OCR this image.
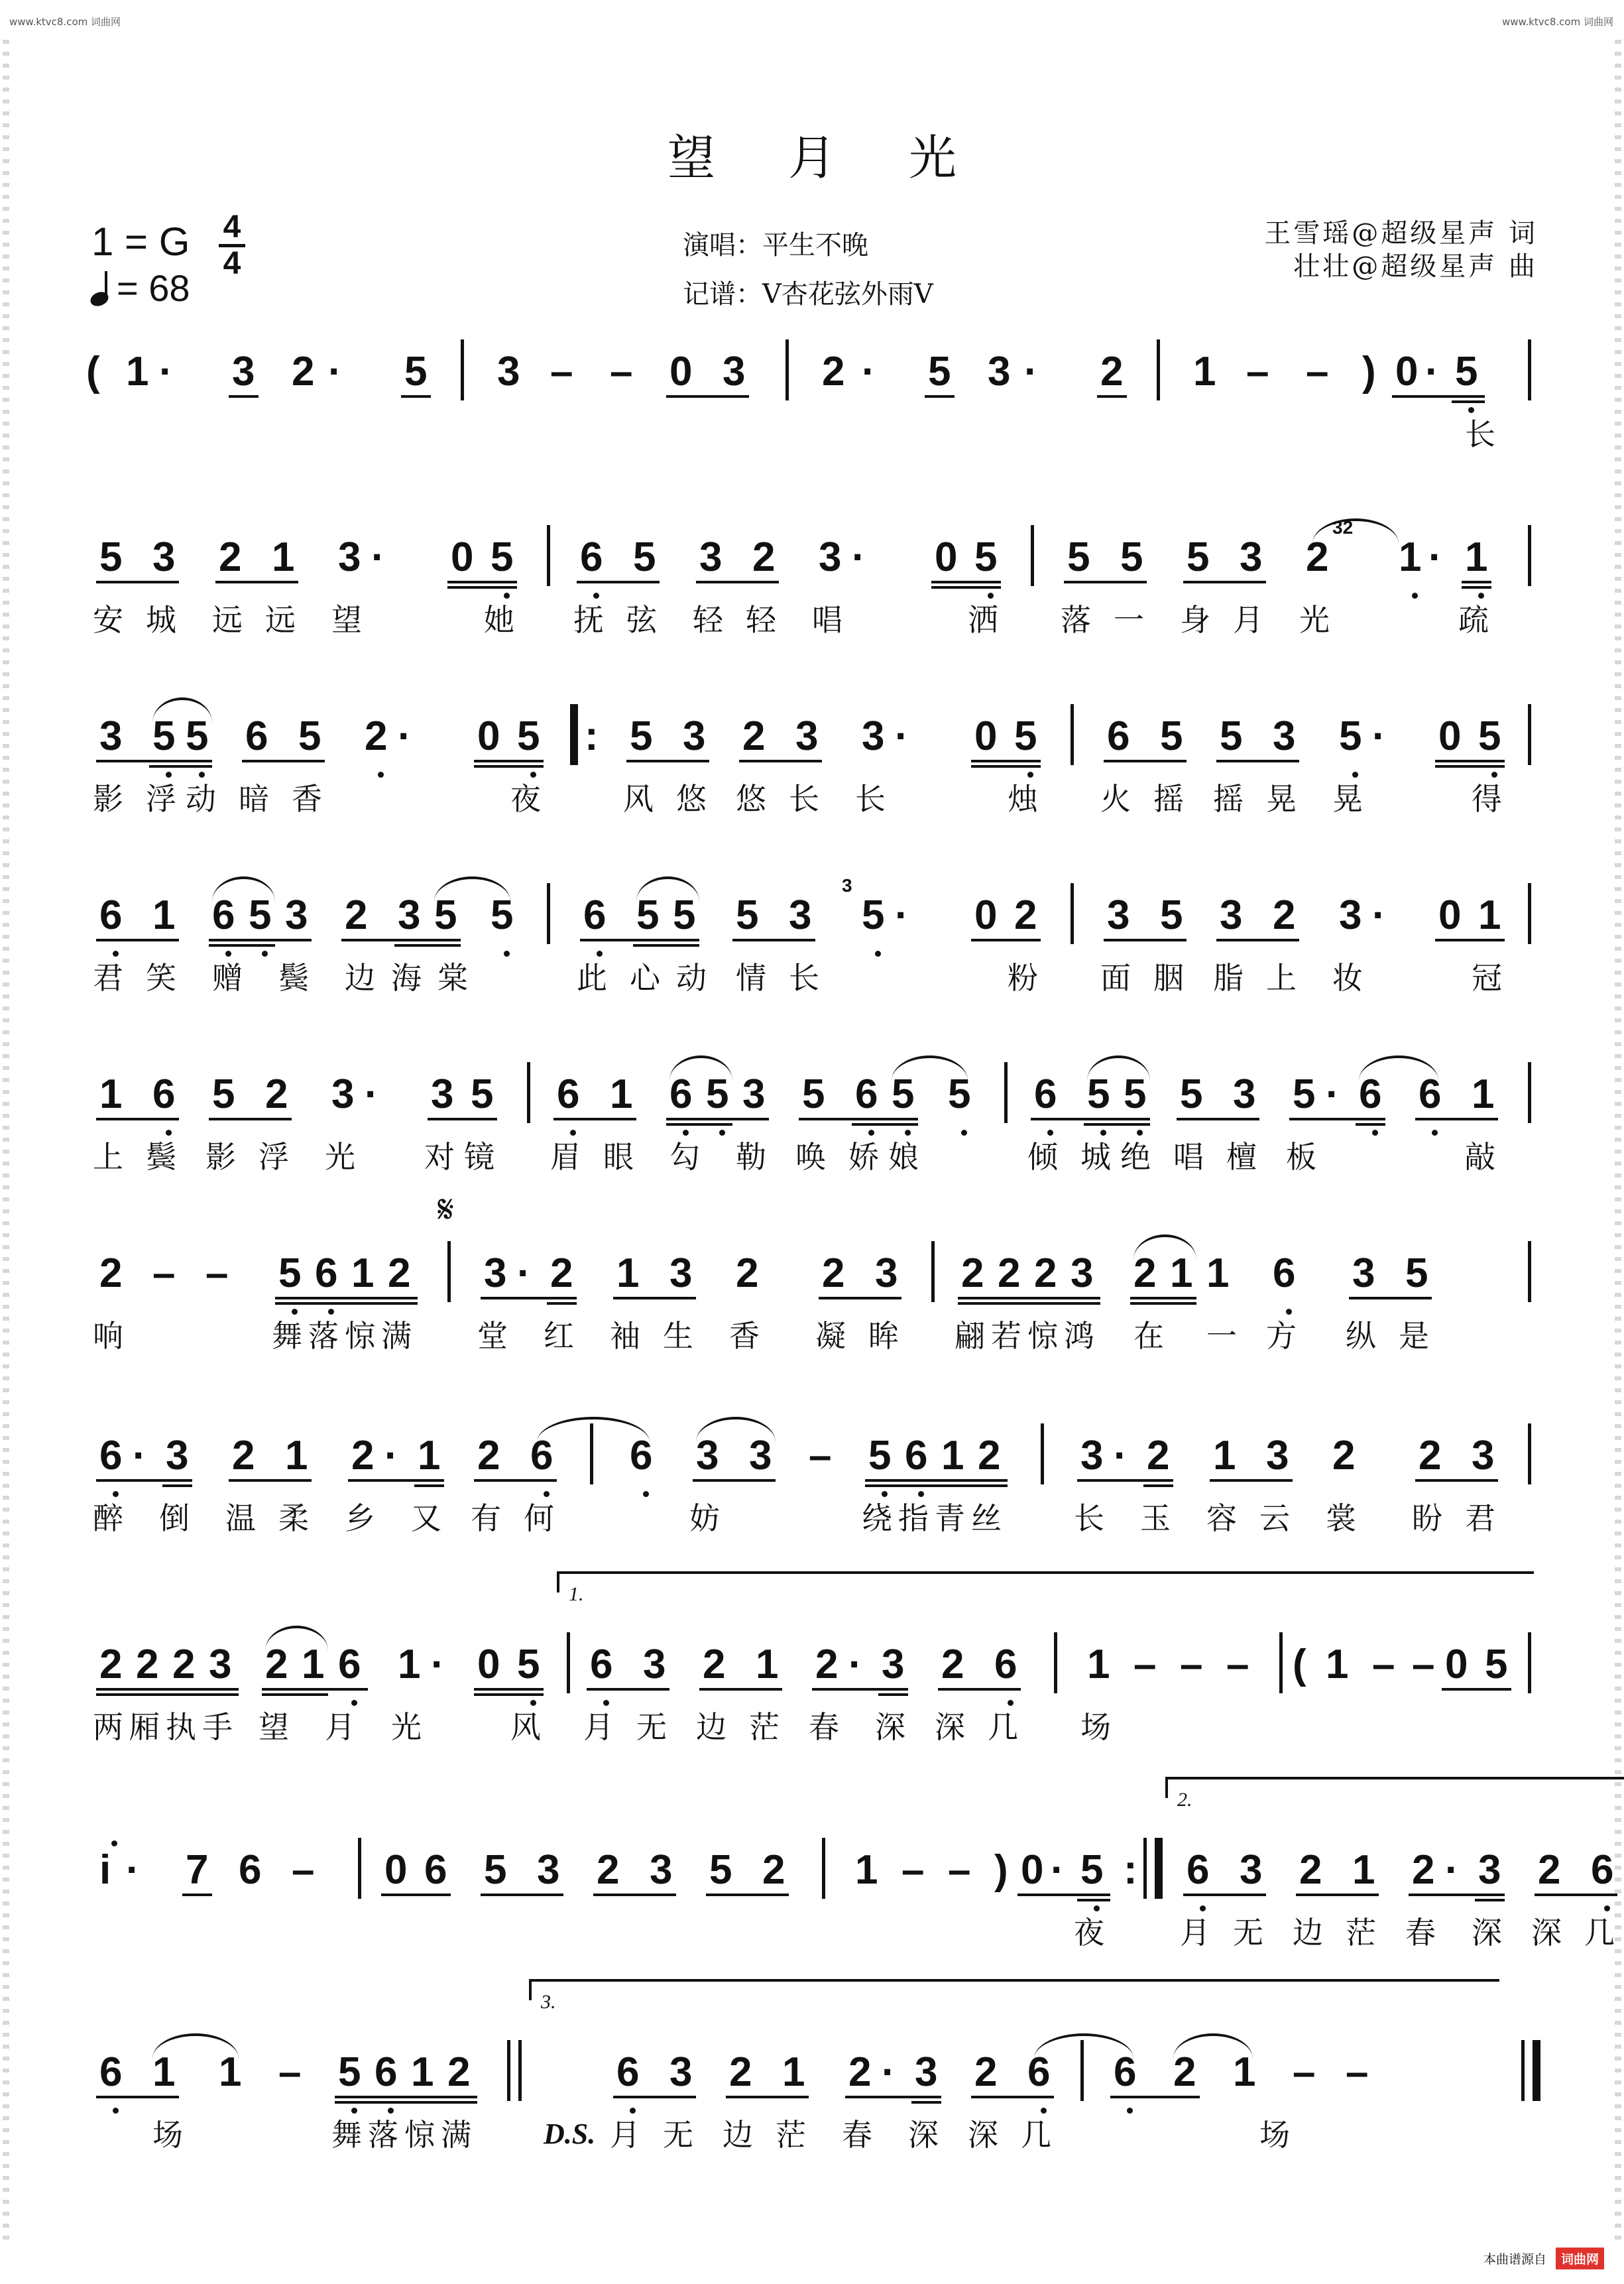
www.ktvc8.com 词曲网	www.ktvc8.com 词曲网
望月光
1 = G 4
4
= 68
演唱：平生不晚
记谱：V杏花弦外雨V
王雪瑶@超级星声 词
壮壮@超级星声 曲
( 1 · 3 2 · 5 3 – – 0 3 2 · 5 3 · 2 1 – – ) 0 · 5
长
5 3 2 1 3 · 0 5 6 5 3 2 3 · 0 5 5 5 5 3 2 1 · 1
32
安 城 远 远 望	她 抚 弦 轻 轻 唱	洒 落 一 身 月 光	疏
3 5 5 6 5 2 · 0 5 : 5 3 2 3 3 · 0 5 6 5 5 3 5 · 0 5
影 浮 动 暗 香	夜	风 悠 悠 长 长	烛 火 摇 摇 晃 晃	得
6 1 6 5 3 2 3 5 5 6 5 5 5 3 5 · 0 2 3 5 3 2 3 · 0 1
3
君 笑 赠 鬓 边 海 棠	此 心 动 情 长	粉 面 胭 脂 上 妆	冠
1 6 5 2 3 · 3 5 6 1 6 5 3 5 6 5 5 6 5 5 5 3 5 · 6 6 1
上 鬓 影 浮 光 对 镜 眉 眼 勾 勒 唤 娇 娘	倾 城 绝 唱 檀 板	敲
2 – – 5 6 1 2 3 · 2 1 3 2 2 3 2 2 2 3 2 1 1 6 3 5
𝄋
响	舞 落 惊 满 堂 红 袖 生 香 凝 眸 翩 若 惊 鸿 在 一 方 纵 是
6 · 3 2 1 2 · 1 2 6 6 3 3 – 5 6 1 2 3 · 2 1 3 2 2 3
醉 倒 温 柔 乡 又 有 何	妨	绕 指 青 丝 长 玉 容 云 裳 盼 君
2 2 2 3 2 1 6 1 · 0 5 6 3 2 1 2 · 3 2 6 1 – – – ( 1 – – 0 5
1.
两 厢 执 手 望 月 光	风 月 无 边 茫 春 深 深 几 场
i · 7 6 – 0 6 5 3 2 3 5 2 1 – – ) 0 · 5 : 6 3 2 1 2 · 3 2 6
2.
夜 月 无 边 茫 春 深 深 几
6 1 1 – 5 6 1 2	6 3 2 1 2 · 3 2 6 6 2 1 – –
3.
D.S.
场	舞 落 惊 满	月 无 边 茫 春 深 深 几	场
本曲谱源自	词曲网
